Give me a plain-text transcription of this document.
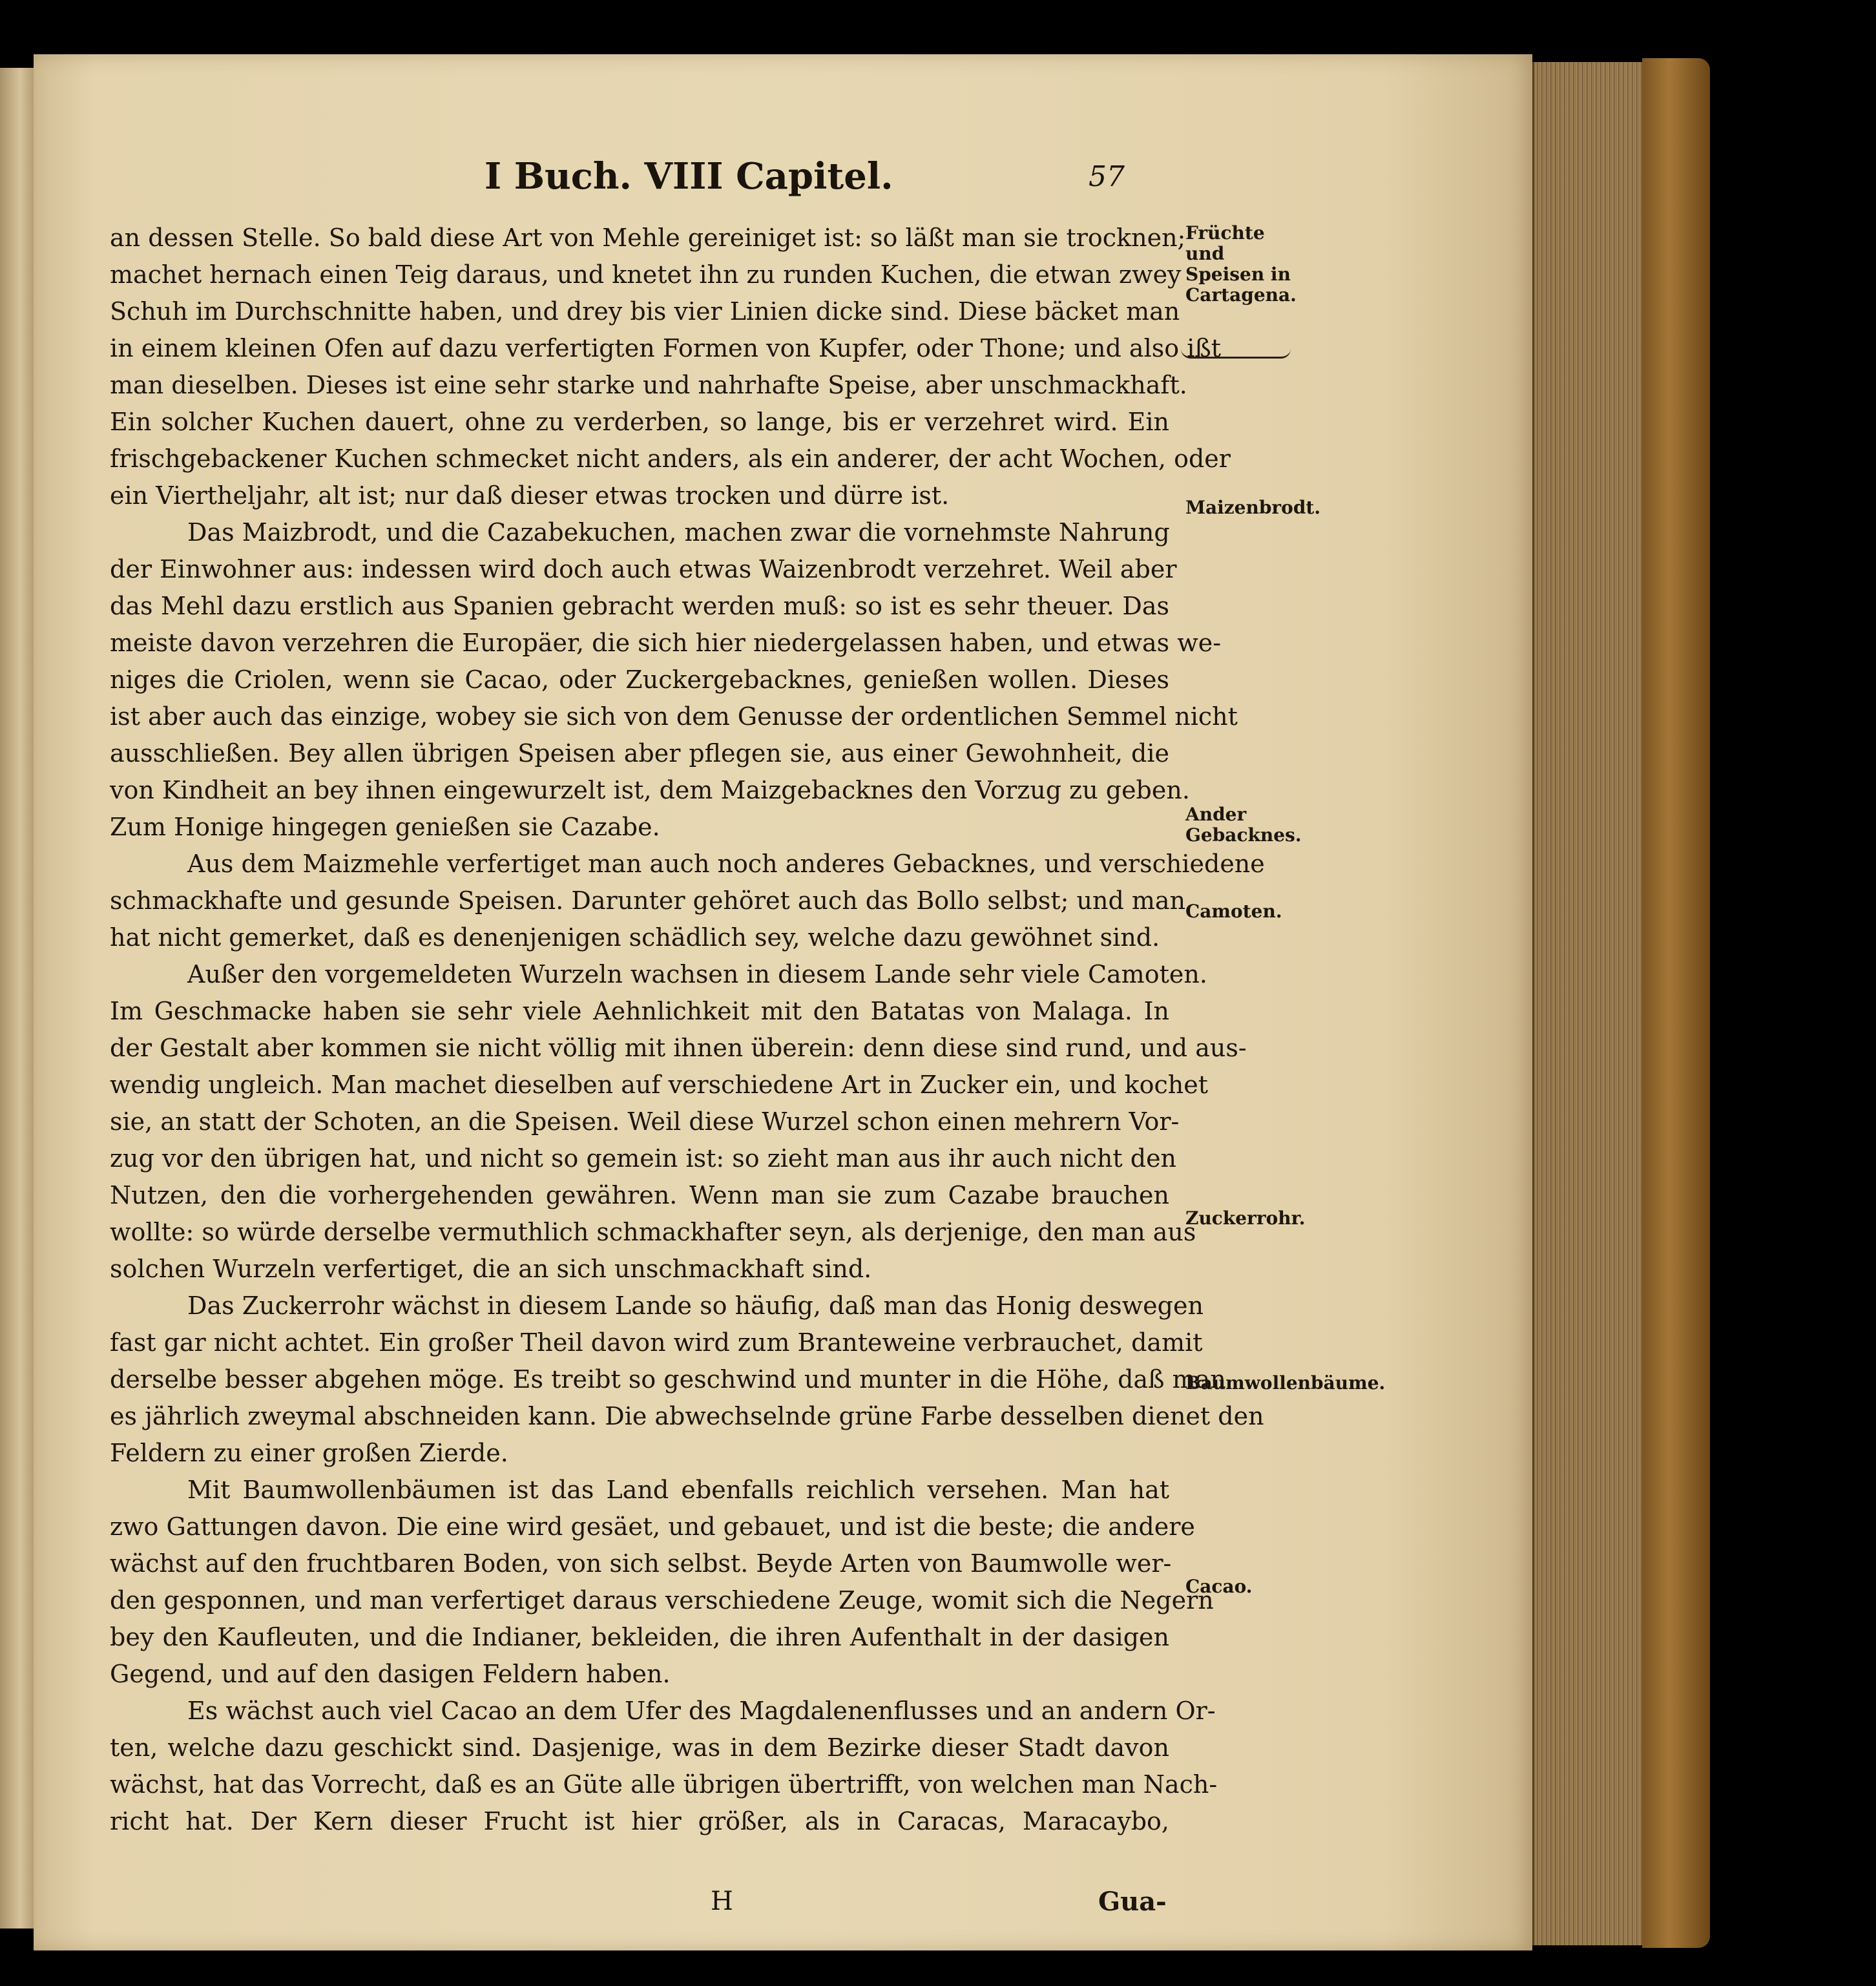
I Buch. VIII Capitel.	57
an dessen Stelle. So bald diese Art von Mehle gereiniget ist: so läßt man sie trocknen;
machet hernach einen Teig daraus, und knetet ihn zu runden Kuchen, die etwan zwey
Schuh im Durchschnitte haben, und drey bis vier Linien dicke sind. Diese bäcket man
in einem kleinen Ofen auf dazu verfertigten Formen von Kupfer, oder Thone; und also ißt
man dieselben. Dieses ist eine sehr starke und nahrhafte Speise, aber unschmackhaft.
Ein solcher Kuchen dauert, ohne zu verderben, so lange, bis er verzehret wird. Ein
frischgebackener Kuchen schmecket nicht anders, als ein anderer, der acht Wochen, oder
ein Viertheljahr, alt ist; nur daß dieser etwas trocken und dürre ist.
Das Maizbrodt, und die Cazabekuchen, machen zwar die vornehmste Nahrung
der Einwohner aus: indessen wird doch auch etwas Waizenbrodt verzehret. Weil aber
das Mehl dazu erstlich aus Spanien gebracht werden muß: so ist es sehr theuer. Das
meiste davon verzehren die Europäer, die sich hier niedergelassen haben, und etwas we-
niges die Criolen, wenn sie Cacao, oder Zuckergebacknes, genießen wollen. Dieses
ist aber auch das einzige, wobey sie sich von dem Genusse der ordentlichen Semmel nicht
ausschließen. Bey allen übrigen Speisen aber pflegen sie, aus einer Gewohnheit, die
von Kindheit an bey ihnen eingewurzelt ist, dem Maizgebacknes den Vorzug zu geben.
Zum Honige hingegen genießen sie Cazabe.
Aus dem Maizmehle verfertiget man auch noch anderes Gebacknes, und verschiedene
schmackhafte und gesunde Speisen. Darunter gehöret auch das Bollo selbst; und man
hat nicht gemerket, daß es denenjenigen schädlich sey, welche dazu gewöhnet sind.
Außer den vorgemeldeten Wurzeln wachsen in diesem Lande sehr viele Camoten.
Im Geschmacke haben sie sehr viele Aehnlichkeit mit den Batatas von Malaga. In
der Gestalt aber kommen sie nicht völlig mit ihnen überein: denn diese sind rund, und aus-
wendig ungleich. Man machet dieselben auf verschiedene Art in Zucker ein, und kochet
sie, an statt der Schoten, an die Speisen. Weil diese Wurzel schon einen mehrern Vor-
zug vor den übrigen hat, und nicht so gemein ist: so zieht man aus ihr auch nicht den
Nutzen, den die vorhergehenden gewähren. Wenn man sie zum Cazabe brauchen
wollte: so würde derselbe vermuthlich schmackhafter seyn, als derjenige, den man aus
solchen Wurzeln verfertiget, die an sich unschmackhaft sind.
Das Zuckerrohr wächst in diesem Lande so häufig, daß man das Honig deswegen
fast gar nicht achtet. Ein großer Theil davon wird zum Branteweine verbrauchet, damit
derselbe besser abgehen möge. Es treibt so geschwind und munter in die Höhe, daß man
es jährlich zweymal abschneiden kann. Die abwechselnde grüne Farbe desselben dienet den
Feldern zu einer großen Zierde.
Mit Baumwollenbäumen ist das Land ebenfalls reichlich versehen. Man hat
zwo Gattungen davon. Die eine wird gesäet, und gebauet, und ist die beste; die andere
wächst auf den fruchtbaren Boden, von sich selbst. Beyde Arten von Baumwolle wer-
den gesponnen, und man verfertiget daraus verschiedene Zeuge, womit sich die Negern
bey den Kaufleuten, und die Indianer, bekleiden, die ihren Aufenthalt in der dasigen
Gegend, und auf den dasigen Feldern haben.
Es wächst auch viel Cacao an dem Ufer des Magdalenenflusses und an andern Or-
ten, welche dazu geschickt sind. Dasjenige, was in dem Bezirke dieser Stadt davon
wächst, hat das Vorrecht, daß es an Güte alle übrigen übertrifft, von welchen man Nach-
richt hat. Der Kern dieser Frucht ist hier größer, als in Caracas, Maracaybo,
H	Gua-
Früchte und Speisen in Cartagena.
Maizenbrodt.
Ander Gebacknes.
Camoten.
Zuckerrohr.
Baumwollenbäume.
Cacao.
